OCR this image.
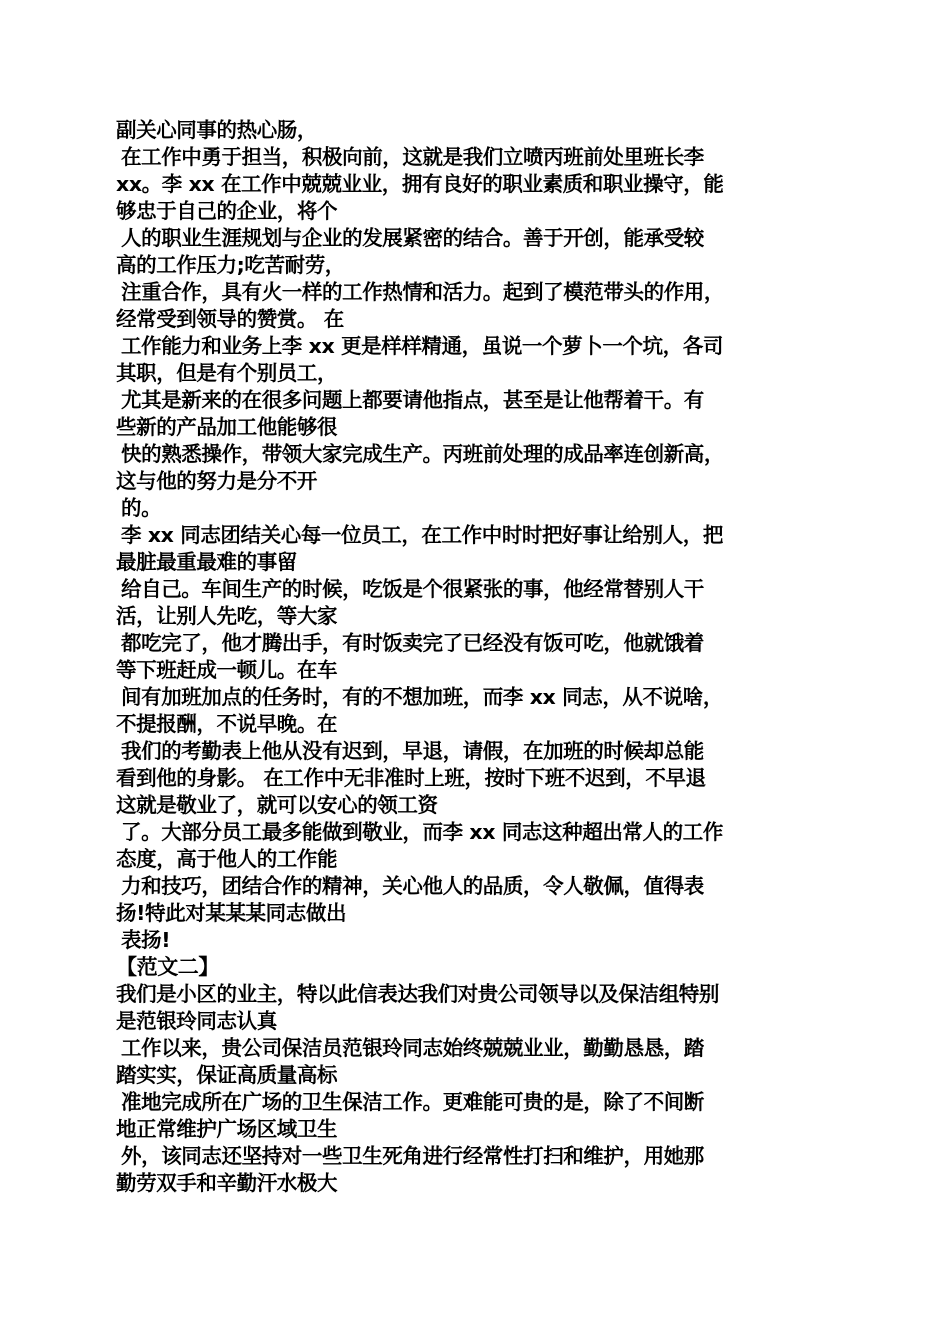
副关心同事的热心肠，
在工作中勇于担当，积极向前，这就是我们立喷丙班前处里班长李
xx。李 xx 在工作中兢兢业业，拥有良好的职业素质和职业操守，能
够忠于自己的企业，将个
人的职业生涯规划与企业的发展紧密的结合。善于开创，能承受较
高的工作压力;吃苦耐劳，
注重合作，具有火一样的工作热情和活力。起到了模范带头的作用，
经常受到领导的赞赏。 在
工作能力和业务上李 xx 更是样样精通，虽说一个萝卜一个坑，各司
其职，但是有个别员工，
尤其是新来的在很多问题上都要请他指点，甚至是让他帮着干。有
些新的产品加工他能够很
快的熟悉操作，带领大家完成生产。丙班前处理的成品率连创新高，
这与他的努力是分不开
的。
李 xx 同志团结关心每一位员工，在工作中时时把好事让给别人，把
最脏最重最难的事留
给自己。车间生产的时候，吃饭是个很紧张的事，他经常替别人干
活，让别人先吃，等大家
都吃完了，他才腾出手，有时饭卖完了已经没有饭可吃，他就饿着
等下班赶成一顿儿。在车
间有加班加点的任务时，有的不想加班，而李 xx 同志，从不说啥，
不提报酬，不说早晚。在
我们的考勤表上他从没有迟到，早退，请假，在加班的时候却总能
看到他的身影。 在工作中无非准时上班，按时下班不迟到，不早退
这就是敬业了，就可以安心的领工资
了。大部分员工最多能做到敬业，而李 xx 同志这种超出常人的工作
态度，高于他人的工作能
力和技巧，团结合作的精神，关心他人的品质，令人敬佩，值得表
扬!特此对某某某同志做出
表扬!
【范文二】
我们是小区的业主，特以此信表达我们对贵公司领导以及保洁组特别
是范银玲同志认真
工作以来，贵公司保洁员范银玲同志始终兢兢业业，勤勤恳恳，踏
踏实实，保证高质量高标
准地完成所在广场的卫生保洁工作。更难能可贵的是，除了不间断
地正常维护广场区域卫生
外，该同志还坚持对一些卫生死角进行经常性打扫和维护，用她那
勤劳双手和辛勤汗水极大
